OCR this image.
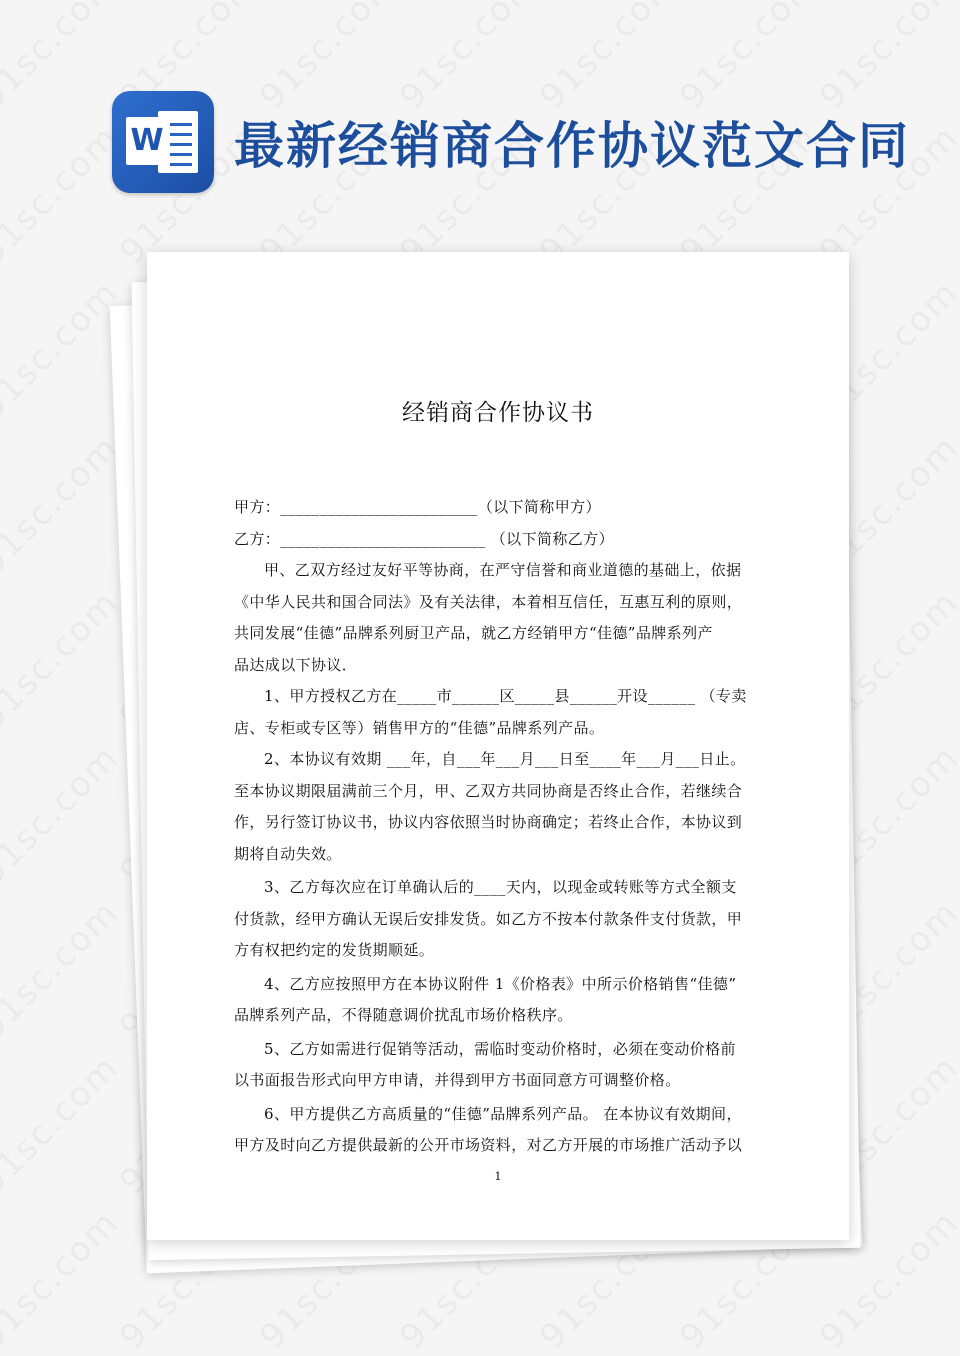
W 最新经销商合作协议范文合同
经销商合作协议书

甲方：_________________________（以下简称甲方）

乙方：__________________________ （以下简称乙方）

甲、乙双方经过友好平等协商，在严守信誉和商业道德的基础上，依据

《中华人民共和国合同法》及有关法律，本着相互信任，互惠互利的原则，

共同发展“佳德”品牌系列厨卫产品，就乙方经销甲方“佳德”品牌系列产

品达成以下协议．

1、甲方授权乙方在_____市______区_____县______开设______ （专卖

店、专柜或专区等）销售甲方的“佳德”品牌系列产品。

2、本协议有效期 ___年，自___年___月___日至____年___月___日止。

至本协议期限届满前三个月，甲、乙双方共同协商是否终止合作，若继续合

作，另行签订协议书，协议内容依照当时协商确定；若终止合作，本协议到

期将自动失效。

3、乙方每次应在订单确认后的____天内，以现金或转账等方式全额支

付货款，经甲方确认无误后安排发货。如乙方不按本付款条件支付货款，甲

方有权把约定的发货期顺延。

4、乙方应按照甲方在本协议附件 1《价格表》中所示价格销售“佳德”

品牌系列产品，不得随意调价扰乱市场价格秩序。

5、乙方如需进行促销等活动，需临时变动价格时，必须在变动价格前

以书面报告形式向甲方申请，并得到甲方书面同意方可调整价格。

6、甲方提供乙方高质量的“佳德”品牌系列产品。 在本协议有效期间，

甲方及时向乙方提供最新的公开市场资料，对乙方开展的市场推广活动予以

1
